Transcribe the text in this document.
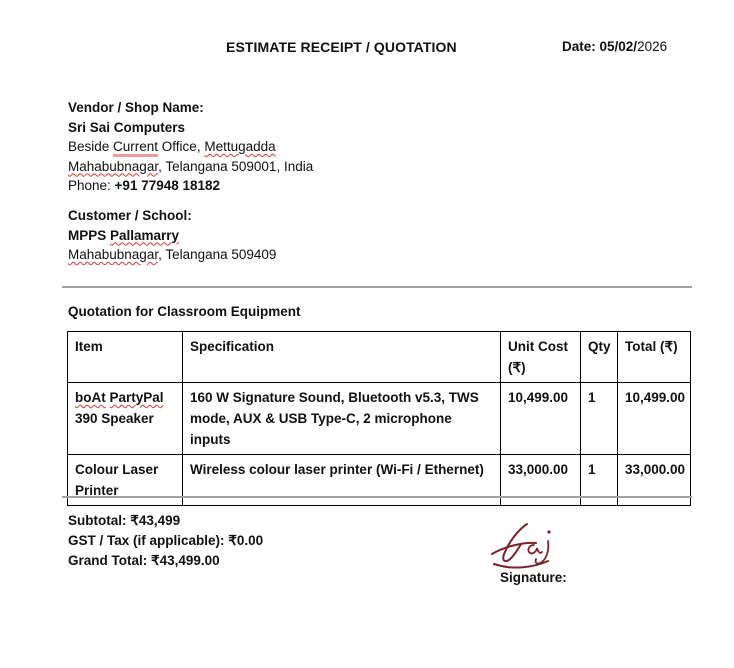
ESTIMATE RECEIPT / QUOTATION	Date: 05/02/2026
Vendor / Shop Name:
Sri Sai Computers
Beside Current Office, Mettugadda
Mahabubnagar, Telangana 509001, India
Phone: +91 77948 18182
Customer / School:
MPPS Pallamarry
Mahabubnagar, Telangana 509409
Quotation for Classroom Equipment
Item	Specification	Unit Cost (₹)	Qty	Total (₹)
boAt PartyPal 390 Speaker	160 W Signature Sound, Bluetooth v5.3, TWS mode, AUX & USB Type-C, 2 microphone inputs	10,499.00	1	10,499.00
Colour Laser Printer	Wireless colour laser printer (Wi-Fi / Ethernet)	33,000.00	1	33,000.00
Subtotal: ₹43,499
GST / Tax (if applicable): ₹0.00
Grand Total: ₹43,499.00
Signature:
